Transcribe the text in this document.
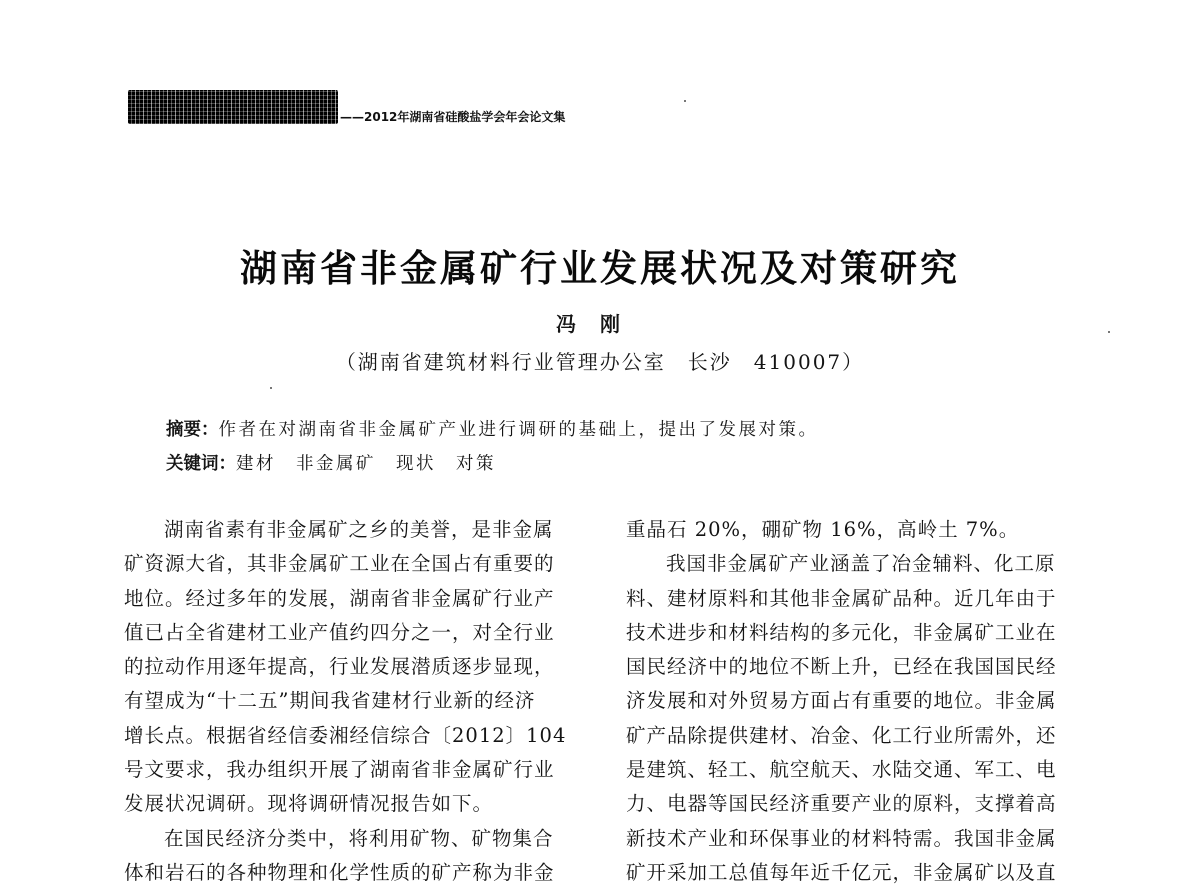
——2012年湖南省硅酸盐学会年会论文集
湖南省非金属矿行业发展状况及对策研究
冯刚
（湖南省建筑材料行业管理办公室　长沙　410007）
摘要：作者在对湖南省非金属矿产业进行调研的基础上，提出了发展对策。
关键词：建材　非金属矿　现状　对策
湖南省素有非金属矿之乡的美誉，是非金属
矿资源大省，其非金属矿工业在全国占有重要的
地位。经过多年的发展，湖南省非金属矿行业产
值已占全省建材工业产值约四分之一，对全行业
的拉动作用逐年提高，行业发展潜质逐步显现，
有望成为“十二五”期间我省建材行业新的经济
增长点。根据省经信委湘经信综合〔2012〕104
号文要求，我办组织开展了湖南省非金属矿行业
发展状况调研。现将调研情况报告如下。
在国民经济分类中，将利用矿物、矿物集合
体和岩石的各种物理和化学性质的矿产称为非金
重晶石 20%，硼矿物 16%，高岭土 7%。
我国非金属矿产业涵盖了冶金辅料、化工原
料、建材原料和其他非金属矿品种。近几年由于
技术进步和材料结构的多元化，非金属矿工业在
国民经济中的地位不断上升，已经在我国国民经
济发展和对外贸易方面占有重要的地位。非金属
矿产品除提供建材、冶金、化工行业所需外，还
是建筑、轻工、航空航天、水陆交通、军工、电
力、电器等国民经济重要产业的原料，支撑着高
新技术产业和环保事业的材料特需。我国非金属
矿开采加工总值每年近千亿元，非金属矿以及直
